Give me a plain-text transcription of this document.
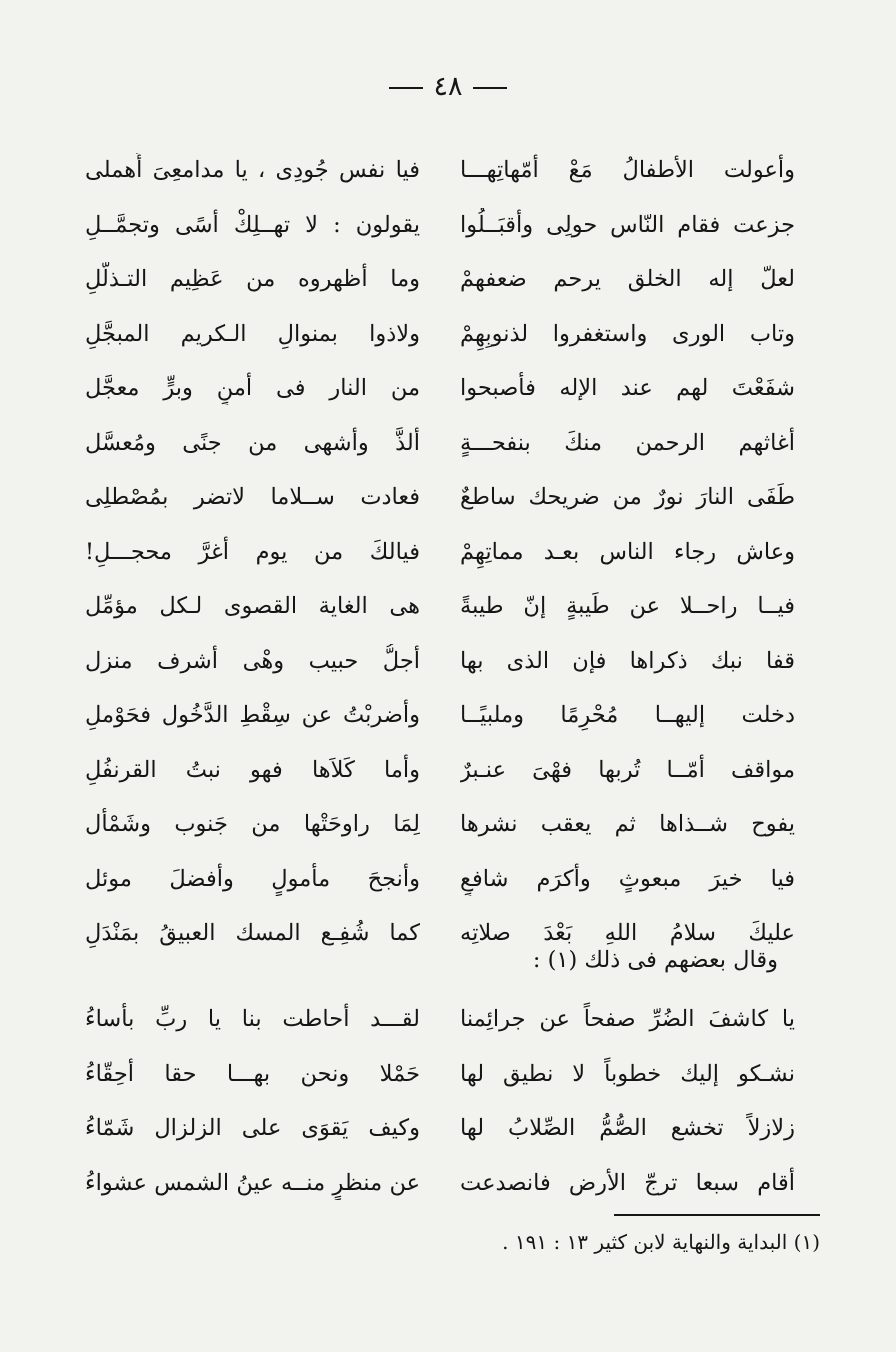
٤٨
وأعولت الأطفالُ مَعْ أمّهاتِهـــا
فيا نفس جُودِى ، يا مدامعِىَ أَهملى
جزعت فقام النّاس حولِى وأقبَــلُوا
يقولون : لا تهــلِكْ أسًى وتجمَّــلِ
لعلّ إله الخلق يرحم ضعفهمْ
وما أظهروه من عَظِيم التـذلُّلِ
وتاب الورى واستغفروا لذنوبِهِمْ
ولاذوا بمنوالِ الـكريم المبجَّلِ
شفَعْتَ لهم عند الإله فأصبحوا
من النار فى أمنٍ وبرٍّ معجَّل
أغاثهم الرحمن منكَ بنفحـــةٍ
ألذَّ وأشهى من جنًى ومُعسَّل
طَفَى النارَ نورٌ من ضريحك ساطعٌ
فعادت ســلاما لاتضر بمُصْطلِى
وعاش رجاء الناس بعـد مماتِهِمْ
فيالكَ من يوم أغرَّ محجـــلِ!
فيــا راحــلا عن طَيبةٍ إنّ طيبةً
هى الغاية القصوى لـكل مؤمِّل
قفا نبك ذكراها فإن الذى بها
أجلُّ حبيب وهْى أشرف منزل
دخلت إليهــا مُحْرِمًا وملبيًــا
وأضربْتُ عن سِقْطِ الدَّخُول فحَوْملِ
مواقف أمّــا تُربها فهْىَ عنـبرٌ
وأما كَلاَها فهو نبتُ القرنفُلِ
يفوح شــذاها ثم يعقب نشرها
لِمَا راوحَتْها من جَنوب وشَمْأل
فيا خيرَ مبعوثٍ وأكرَم شافعٍ
وأنجحَ مأمولٍ وأفضلَ موئل
عليكَ سلامُ اللهِ بَعْدَ صلاتِه
كما شُفِـع المسك العبيقُ بمَنْدَلِ
وقال بعضهم فى ذلك (١) :
يا كاشفَ الضُرِّ صفحاً عن جرائِمنا
لقـــد أحاطت بنا يا ربِّ بأساءُ
نشـكو إليك خطوباً لا نطيق لها
حَمْلا ونحن بهـــا حقا أحِقّاءُ
زلازلاً تخشع الصُّمُّ الصِّلابُ لها
وكيف يَقوَى على الزلزال شَمّاءُ
أقام سبعا ترجّ الأرض فانصدعت
عن منظرٍ منــه عينُ الشمس عشواءُ
(١) البداية والنهاية لابن كثير ١٣ : ١٩١ .
